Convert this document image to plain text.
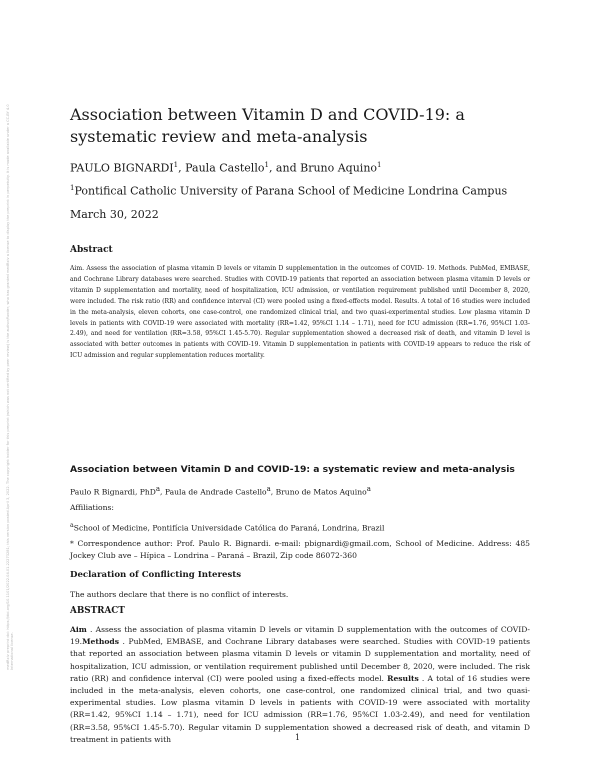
medRxiv preprint doi: https://doi.org/10.1101/2022.04.01.22273281; this version posted April 3, 2022. The copyright holder for this preprint (which was not certified by peer review) is the author/funder, who has granted medRxiv a license to display the preprint in perpetuity. It is made available under a CC-BY 4.0 International license.
Association between Vitamin D and COVID-19: a systematic review and meta-analysis
PAULO BIGNARDI$^1$, Paula Castello$^1$, and Bruno Aquino$^1$
$^1$Pontifical Catholic University of Parana School of Medicine Londrina Campus
March 30, 2022
Abstract
Aim. Assess the association of plasma vitamin D levels or vitamin D supplementation in the outcomes of COVID- 19. Methods. PubMed, EMBASE, and Cochrane Library databases were searched. Studies with COVID-19 patients that reported an association between plasma vitamin D levels or vitamin D supplementation and mortality, need of hospitalization, ICU admission, or ventilation requirement published until December 8, 2020, were included. The risk ratio (RR) and confidence interval (CI) were pooled using a fixed-effects model. Results. A total of 16 studies were included in the meta-analysis, eleven cohorts, one case-control, one randomized clinical trial, and two quasi-experimental studies. Low plasma vitamin D levels in patients with COVID-19 were associated with mortality (RR=1.42, 95%CI 1.14 – 1.71), need for ICU admission (RR=1.76, 95%CI 1.03-2.49), and need for ventilation (RR=3.58, 95%CI 1.45-5.70). Regular supplementation showed a decreased risk of death, and vitamin D level is associated with better outcomes in patients with COVID-19. Vitamin D supplementation in patients with COVID-19 appears to reduce the risk of ICU admission and regular supplementation reduces mortality.
Association between Vitamin D and COVID-19: a systematic review and meta-analysis
Paulo R Bignardi, PhD$^a$, Paula de Andrade Castello$^a$, Bruno de Matos Aquino$^a$
Affiliations:
$^a$School of Medicine, Pontifícia Universidade Católica do Paraná, Londrina, Brazil
* Correspondence author: Prof. Paulo R. Bignardi. e-mail: pbignardi@gmail.com, School of Medicine. Address: 485 Jockey Club ave – Hípica – Londrina – Paraná – Brazil, Zip code 86072-360
Declaration of Conflicting Interests
The authors declare that there is no conflict of interests.
ABSTRACT
Aim . Assess the association of plasma vitamin D levels or vitamin D supplementation with the outcomes of COVID- 19.Methods . PubMed, EMBASE, and Cochrane Library databases were searched. Studies with COVID-19 patients that reported an association between plasma vitamin D levels or vitamin D supplementation and mortality, need of hospitalization, ICU admission, or ventilation requirement published until December 8, 2020, were included. The risk ratio (RR) and confidence interval (CI) were pooled using a fixed-effects model. Results . A total of 16 studies were included in the meta-analysis, eleven cohorts, one case-control, one randomized clinical trial, and two quasi-experimental studies. Low plasma vitamin D levels in patients with COVID-19 were associated with mortality (RR=1.42, 95%CI 1.14 – 1.71), need for ICU admission (RR=1.76, 95%CI 1.03-2.49), and need for ventilation (RR=3.58, 95%CI 1.45-5.70). Regular vitamin D supplementation showed a decreased risk of death, and vitamin D treatment in patients with	1
